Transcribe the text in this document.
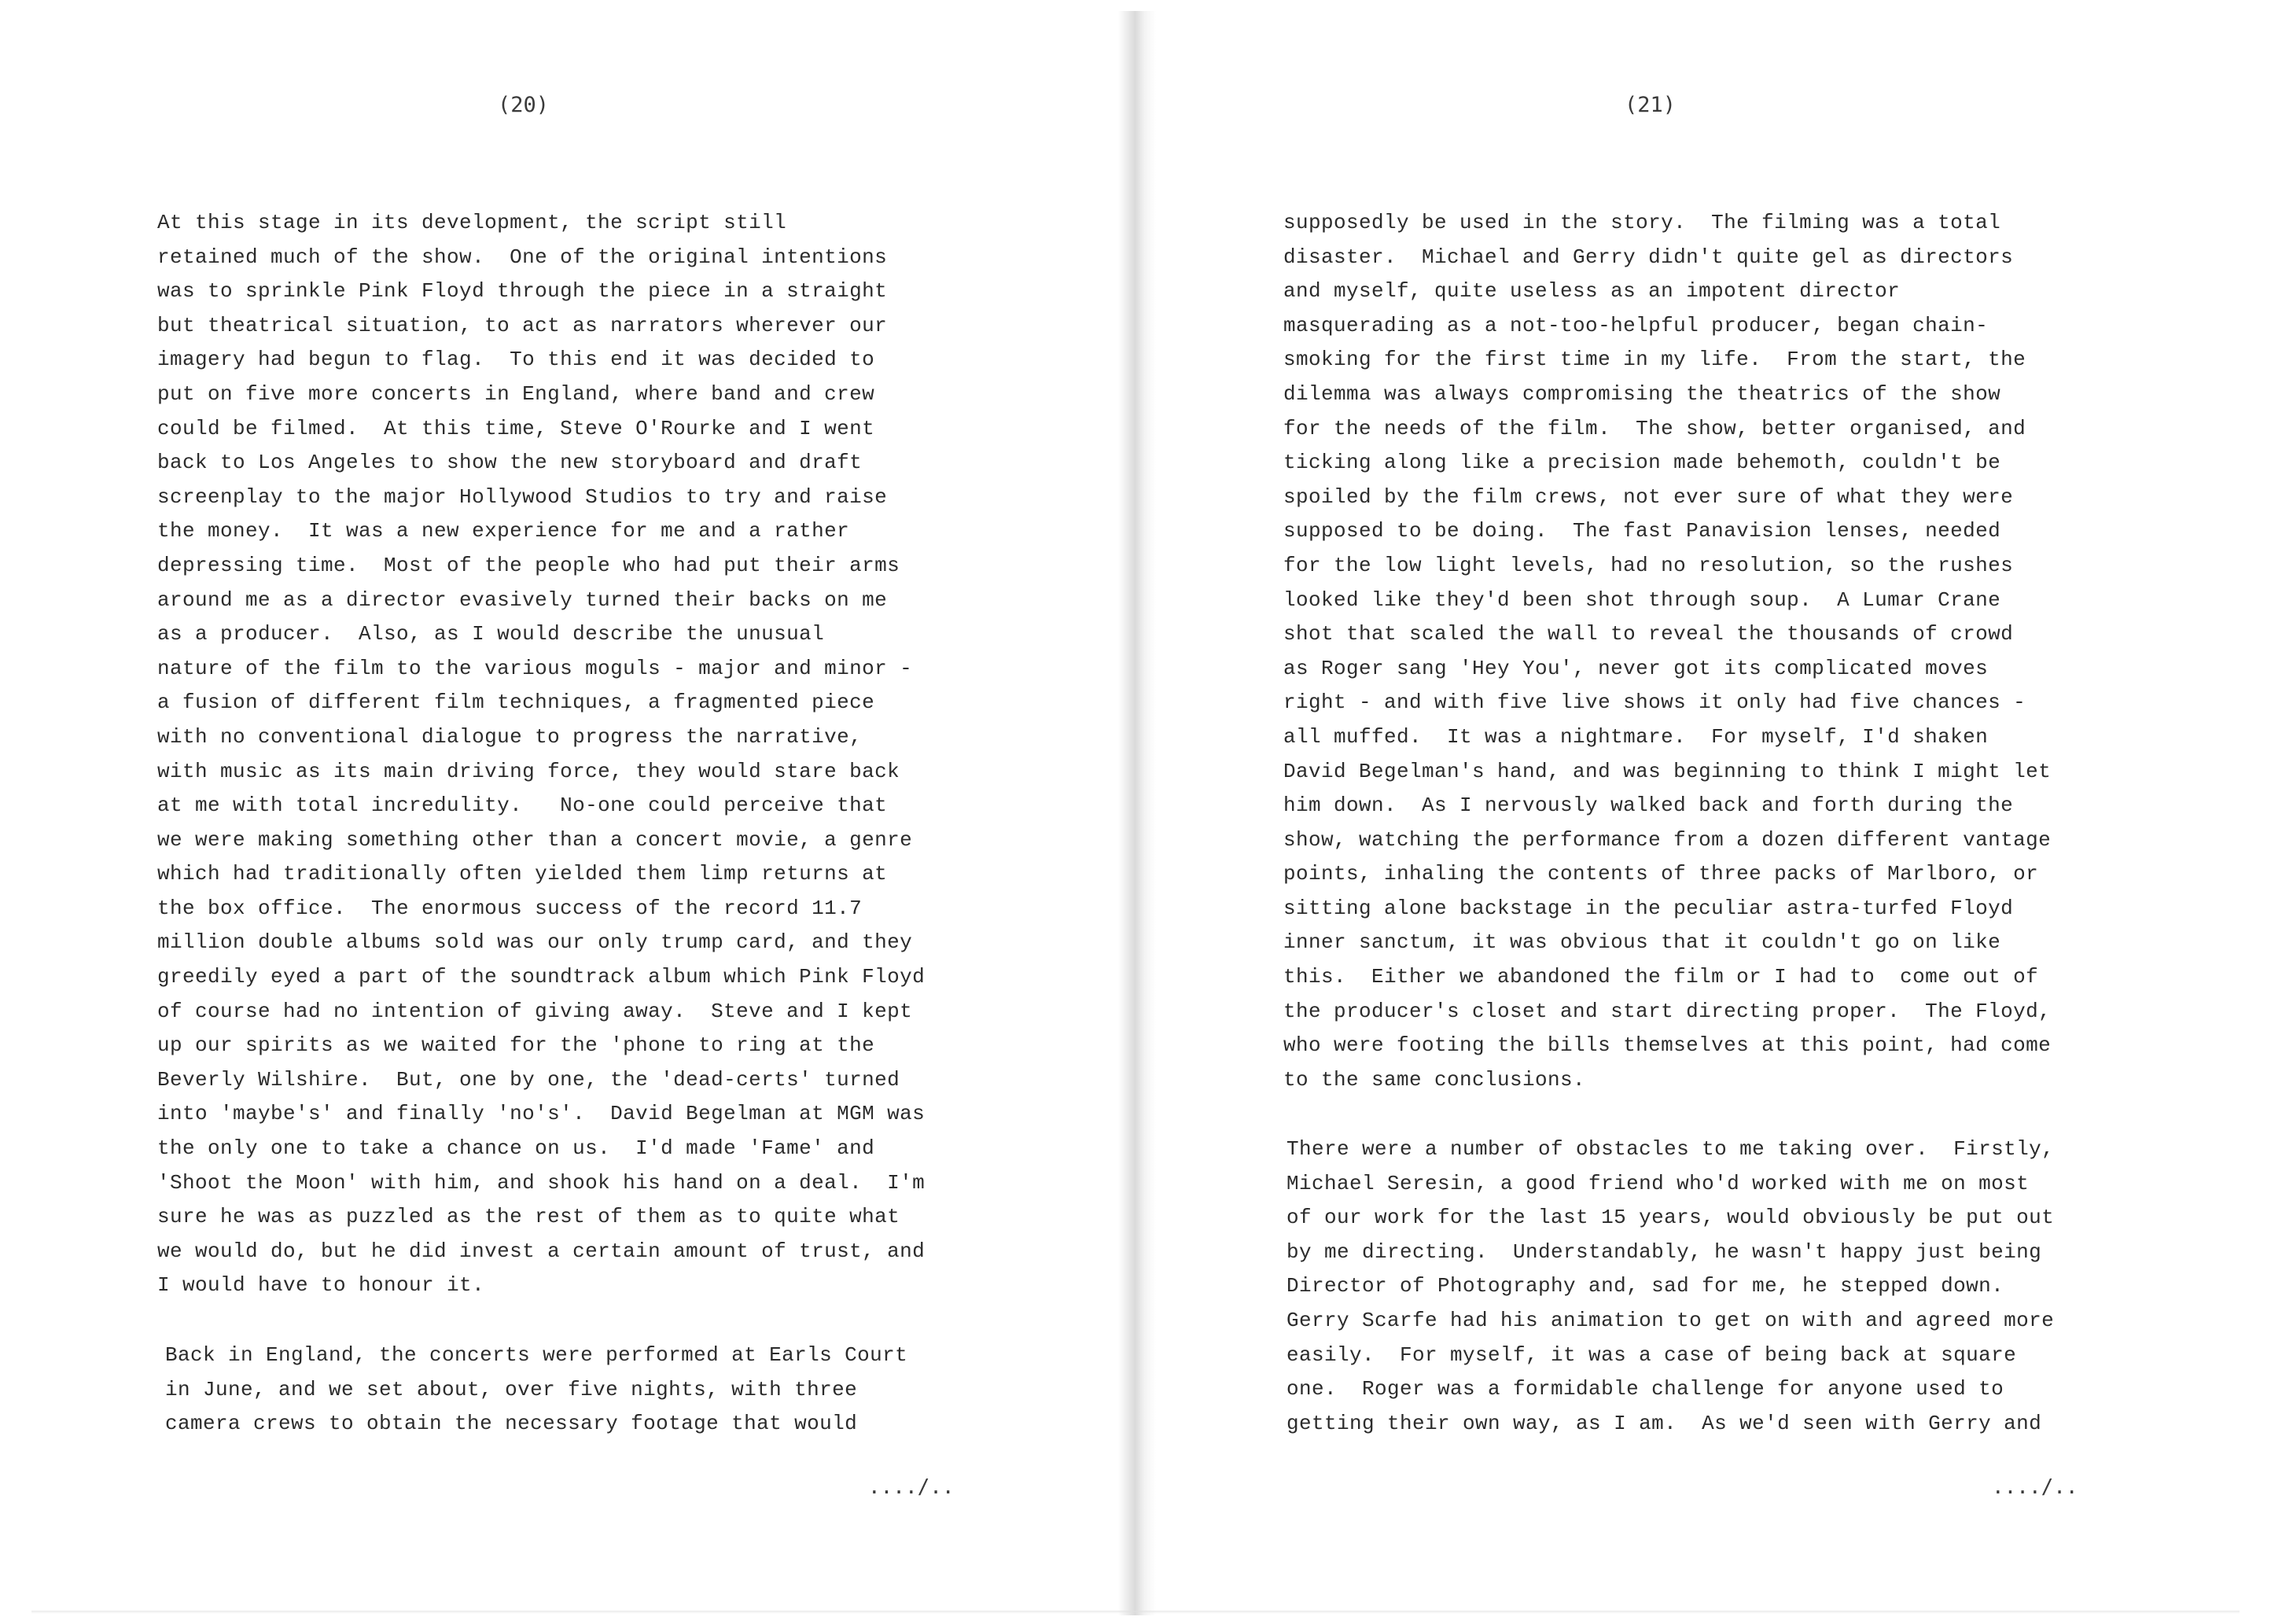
(20)
At this stage in its development, the script still
retained much of the show.  One of the original intentions
was to sprinkle Pink Floyd through the piece in a straight
but theatrical situation, to act as narrators wherever our
imagery had begun to flag.  To this end it was decided to
put on five more concerts in England, where band and crew
could be filmed.  At this time, Steve O'Rourke and I went
back to Los Angeles to show the new storyboard and draft
screenplay to the major Hollywood Studios to try and raise
the money.  It was a new experience for me and a rather
depressing time.  Most of the people who had put their arms
around me as a director evasively turned their backs on me
as a producer.  Also, as I would describe the unusual
nature of the film to the various moguls - major and minor -
a fusion of different film techniques, a fragmented piece
with no conventional dialogue to progress the narrative,
with music as its main driving force, they would stare back
at me with total incredulity.   No-one could perceive that
we were making something other than a concert movie, a genre
which had traditionally often yielded them limp returns at
the box office.  The enormous success of the record 11.7
million double albums sold was our only trump card, and they
greedily eyed a part of the soundtrack album which Pink Floyd
of course had no intention of giving away.  Steve and I kept
up our spirits as we waited for the 'phone to ring at the
Beverly Wilshire.  But, one by one, the 'dead-certs' turned
into 'maybe's' and finally 'no's'.  David Begelman at MGM was
the only one to take a chance on us.  I'd made 'Fame' and
'Shoot the Moon' with him, and shook his hand on a deal.  I'm
sure he was as puzzled as the rest of them as to quite what
we would do, but he did invest a certain amount of trust, and
I would have to honour it.
Back in England, the concerts were performed at Earls Court
in June, and we set about, over five nights, with three
camera crews to obtain the necessary footage that would
..../..
(21)
supposedly be used in the story.  The filming was a total
disaster.  Michael and Gerry didn't quite gel as directors
and myself, quite useless as an impotent director
masquerading as a not-too-helpful producer, began chain-
smoking for the first time in my life.  From the start, the
dilemma was always compromising the theatrics of the show
for the needs of the film.  The show, better organised, and
ticking along like a precision made behemoth, couldn't be
spoiled by the film crews, not ever sure of what they were
supposed to be doing.  The fast Panavision lenses, needed
for the low light levels, had no resolution, so the rushes
looked like they'd been shot through soup.  A Lumar Crane
shot that scaled the wall to reveal the thousands of crowd
as Roger sang 'Hey You', never got its complicated moves
right - and with five live shows it only had five chances -
all muffed.  It was a nightmare.  For myself, I'd shaken
David Begelman's hand, and was beginning to think I might let
him down.  As I nervously walked back and forth during the
show, watching the performance from a dozen different vantage
points, inhaling the contents of three packs of Marlboro, or
sitting alone backstage in the peculiar astra-turfed Floyd
inner sanctum, it was obvious that it couldn't go on like
this.  Either we abandoned the film or I had to  come out of
the producer's closet and start directing proper.  The Floyd,
who were footing the bills themselves at this point, had come
to the same conclusions.
There were a number of obstacles to me taking over.  Firstly,
Michael Seresin, a good friend who'd worked with me on most
of our work for the last 15 years, would obviously be put out
by me directing.  Understandably, he wasn't happy just being
Director of Photography and, sad for me, he stepped down.
Gerry Scarfe had his animation to get on with and agreed more
easily.  For myself, it was a case of being back at square
one.  Roger was a formidable challenge for anyone used to
getting their own way, as I am.  As we'd seen with Gerry and
..../..
